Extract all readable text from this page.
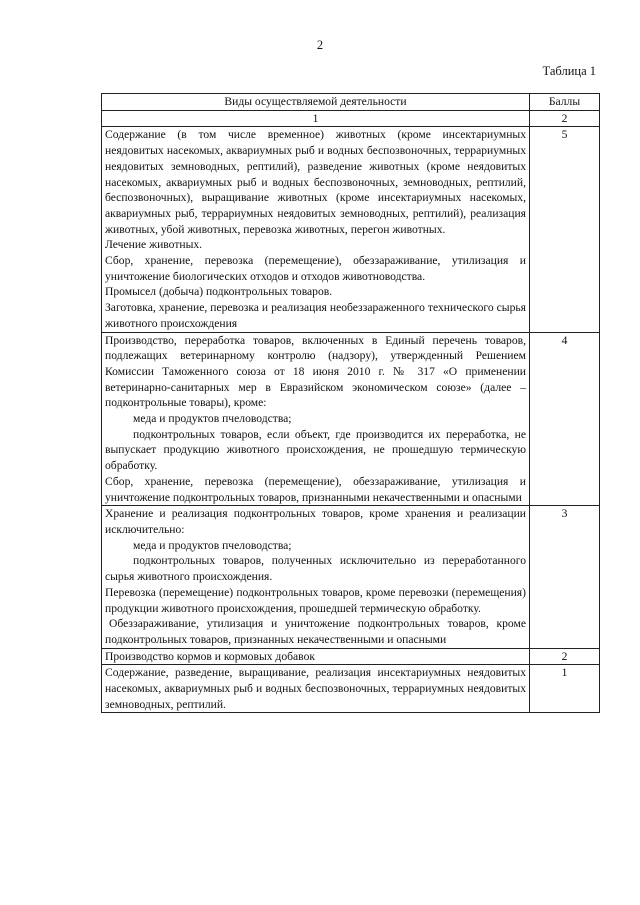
2
Таблица 1
Виды осуществляемой деятельности	Баллы
1	2

Содержание (в том числе временное) животных (кроме инсектариумных неядовитых насекомых, аквариумных рыб и водных беспозвоночных, террариумных неядовитых земноводных, рептилий), разведение животных (кроме неядовитых насекомых, аквариумных рыб и водных беспозвоночных, земноводных, рептилий, беспозвоночных), выращивание животных (кроме инсектариумных насекомых, аквариумных рыб, террариумных неядовитых земноводных, рептилий), реализация животных, убой животных, перевозка животных, перегон животных.

Лечение животных.

Сбор, хранение, перевозка (перемещение), обеззараживание, утилизация и уничтожение биологических отходов и отходов животноводства.

Промысел (добыча) подконтрольных товаров.

Заготовка, хранение, перевозка и реализация необеззараженного технического сырья животного происхождения	5

Производство, переработка товаров, включенных в Единый перечень товаров, подлежащих ветеринарному контролю (надзору), утвержденный Решением Комиссии Таможенного союза от 18 июня 2010 г. № 317 «О применении ветеринарно-санитарных мер в Евразийском экономическом союзе» (далее – подконтрольные товары), кроме:

меда и продуктов пчеловодства;

подконтрольных товаров, если объект, где производится их переработка, не выпускает продукцию животного происхождения, не прошедшую термическую обработку.

Сбор, хранение, перевозка (перемещение), обеззараживание, утилизация и уничтожение подконтрольных товаров, признанными некачественными и опасными	4

Хранение и реализация подконтрольных товаров, кроме хранения и реализации исключительно:

меда и продуктов пчеловодства;

подконтрольных товаров, полученных исключительно из переработанного сырья животного происхождения.

Перевозка (перемещение) подконтрольных товаров, кроме перевозки (перемещения) продукции животного происхождения, прошедшей термическую обработку.

Обеззараживание, утилизация и уничтожение подконтрольных товаров, кроме подконтрольных товаров, признанных некачественными и опасными	3

Производство кормов и кормовых добавок	2

Содержание, разведение, выращивание, реализация инсектариумных неядовитых насекомых, аквариумных рыб и водных беспозвоночных, террариумных неядовитых земноводных, рептилий.	1
